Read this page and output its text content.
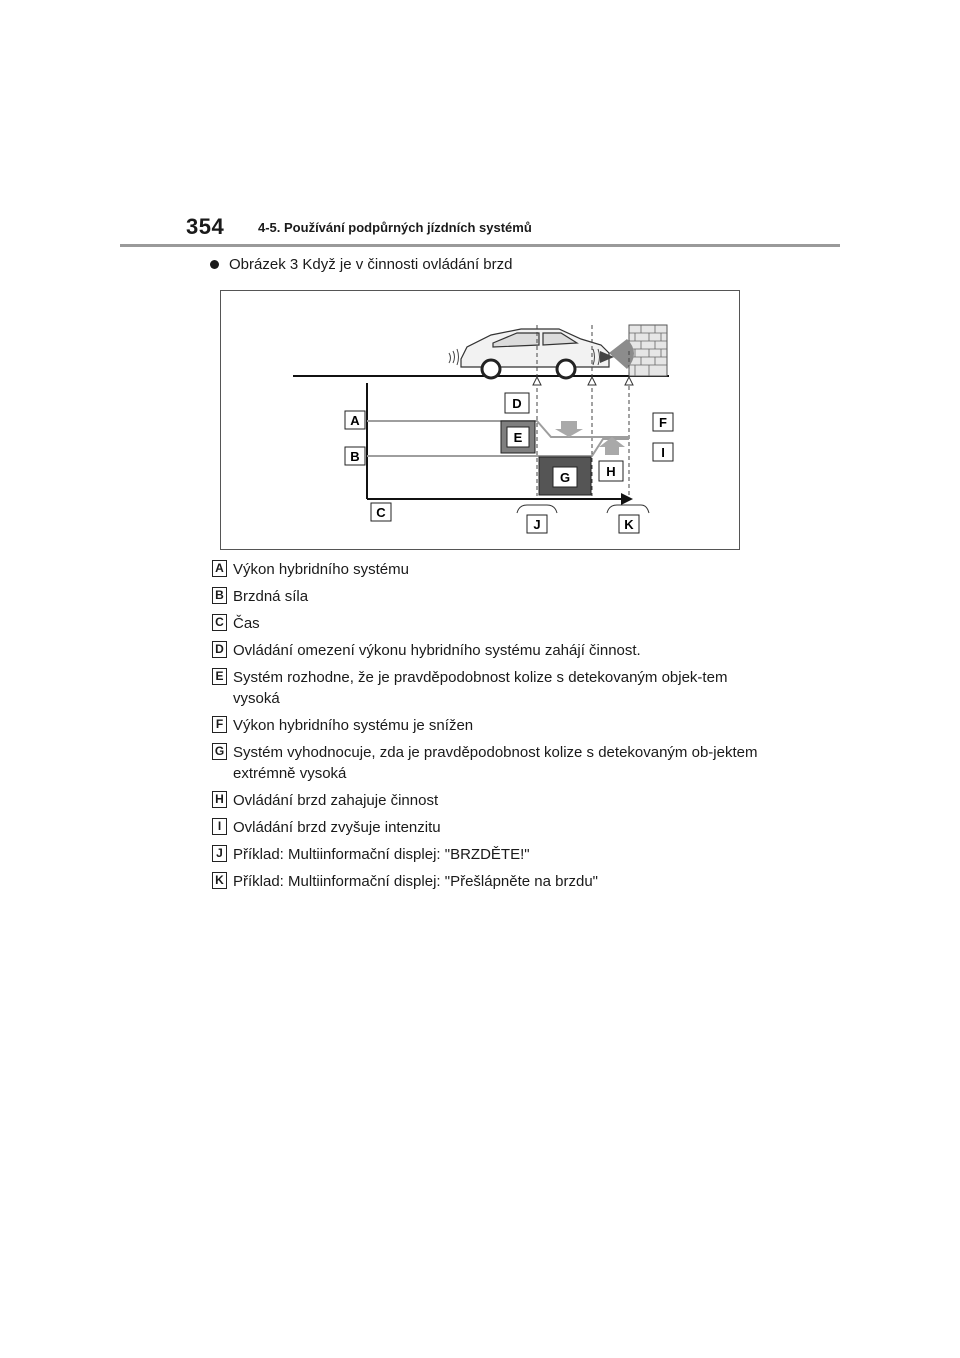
354	4-5. Používání podpůrných jízdních systémů
Obrázek 3 Když je v činnosti ovládání brzd
A
B
C
D
E
F
G	H
I
J	K
A Výkon hybridního systému
B Brzdná síla
C Čas
D Ovládání omezení výkonu hybridního systému zahájí činnost.
E Systém rozhodne, že je pravděpodobnost kolize s detekovaným objek-tem vysoká
F Výkon hybridního systému je snížen
G Systém vyhodnocuje, zda je pravděpodobnost kolize s detekovaným ob-jektem extrémně vysoká
H Ovládání brzd zahajuje činnost
I Ovládání brzd zvyšuje intenzitu
J Příklad: Multiinformační displej: "BRZDĚTE!"
K Příklad: Multiinformační displej: "Přešlápněte na brzdu"
